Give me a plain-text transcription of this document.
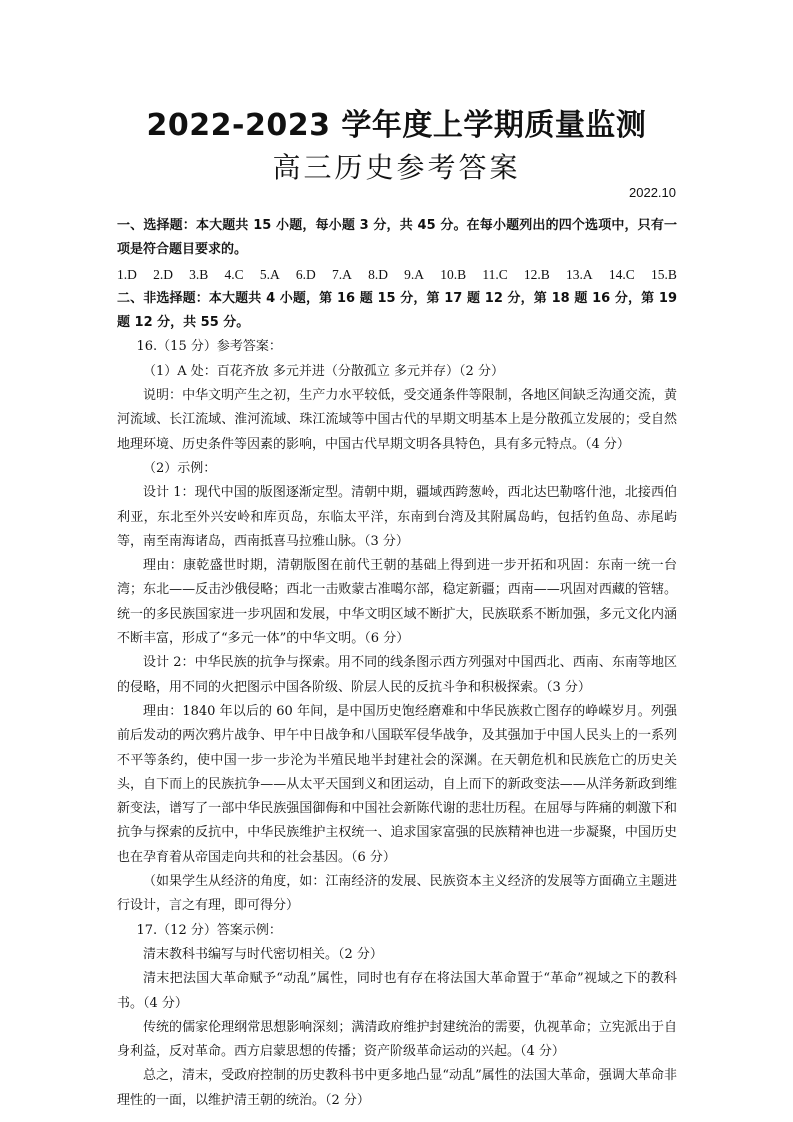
2022-2023 学年度上学期质量监测
高三历史参考答案
2022.10

一、选择题：本大题共 15 小题，每小题 3 分，共 45 分。在每小题列出的四个选项中，只有一项是符合题目要求的。

1.D 2.D 3.B 4.C 5.A 6.D 7.A 8.D 9.A 10.B 11.C 12.B 13.A 14.C 15.B

二、非选择题：本大题共 4 小题，第 16 题 15 分，第 17 题 12 分，第 18 题 16 分，第 19 题 12 分，共 55 分。

16.（15 分）参考答案：

（1）A 处：百花齐放 多元并进（分散孤立 多元并存）（2 分）

说明：中华文明产生之初，生产力水平较低，受交通条件等限制，各地区间缺乏沟通交流，黄河流域、长江流域、淮河流域、珠江流域等中国古代的早期文明基本上是分散孤立发展的；受自然地理环境、历史条件等因素的影响，中国古代早期文明各具特色，具有多元特点。（4 分）

（2）示例：

设计 1：现代中国的版图逐渐定型。清朝中期，疆域西跨葱岭，西北达巴勒喀什池，北接西伯利亚，东北至外兴安岭和库页岛，东临太平洋，东南到台湾及其附属岛屿，包括钓鱼岛、赤尾屿等，南至南海诸岛，西南抵喜马拉雅山脉。（3 分）

理由：康乾盛世时期，清朝版图在前代王朝的基础上得到进一步开拓和巩固：东南一统一台湾；东北——反击沙俄侵略；西北一击败蒙古准噶尔部，稳定新疆；西南——巩固对西藏的管辖。统一的多民族国家进一步巩固和发展，中华文明区域不断扩大，民族联系不断加强，多元文化内涵不断丰富，形成了“多元一体”的中华文明。（6 分）

设计 2：中华民族的抗争与探索。用不同的线条图示西方列强对中国西北、西南、东南等地区的侵略，用不同的火把图示中国各阶级、阶层人民的反抗斗争和积极探索。（3 分）

理由：1840 年以后的 60 年间，是中国历史饱经磨难和中华民族救亡图存的峥嵘岁月。列强前后发动的两次鸦片战争、甲午中日战争和八国联军侵华战争，及其强加于中国人民头上的一系列不平等条约，使中国一步一步沦为半殖民地半封建社会的深渊。在天朝危机和民族危亡的历史关头，自下而上的民族抗争——从太平天国到义和团运动，自上而下的新政变法——从洋务新政到维新变法，谱写了一部中华民族强国御侮和中国社会新陈代谢的悲壮历程。在屈辱与阵痛的刺激下和抗争与探索的反抗中，中华民族维护主权统一、追求国家富强的民族精神也进一步凝聚，中国历史也在孕育着从帝国走向共和的社会基因。（6 分）

（如果学生从经济的角度，如：江南经济的发展、民族资本主义经济的发展等方面确立主题进行设计，言之有理，即可得分）

17.（12 分）答案示例：

清末教科书编写与时代密切相关。（2 分）

清末把法国大革命赋予“动乱”属性，同时也有存在将法国大革命置于“革命”视域之下的教科书。（4 分）

传统的儒家伦理纲常思想影响深刻；满清政府维护封建统治的需要，仇视革命；立宪派出于自身利益，反对革命。西方启蒙思想的传播；资产阶级革命运动的兴起。（4 分）

总之，清末，受政府控制的历史教科书中更多地凸显“动乱”属性的法国大革命，强调大革命非理性的一面，以维护清王朝的统治。（2 分）
